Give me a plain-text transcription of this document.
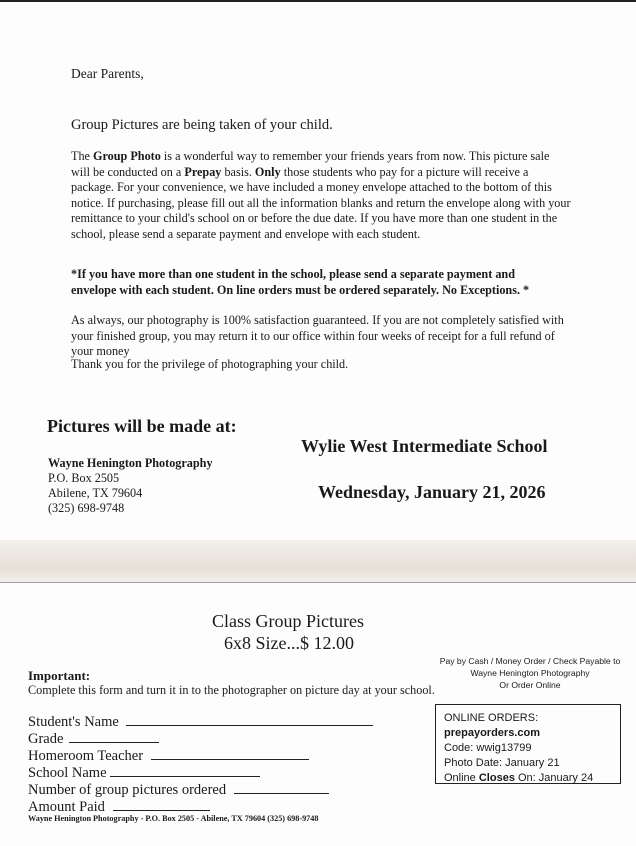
Dear Parents,
Group Pictures are being taken of your child.

The Group Photo is a wonderful way to remember your friends years from now. This picture sale will be conducted on a Prepay basis. Only those students who pay for a picture will receive a package. For your convenience, we have included a money envelope attached to the bottom of this notice. If purchasing, please fill out all the information blanks and return the envelope along with your remittance to your child's school on or before the due date. If you have more than one student in the school, please send a separate payment and envelope with each student.

*If you have more than one student in the school, please send a separate payment and envelope with each student. On line orders must be ordered separately. No Exceptions. *

As always, our photography is 100% satisfaction guaranteed. If you are not completely satisfied with your finished group, you may return it to our office within four weeks of receipt for a full refund of your money

Thank you for the privilege of photographing your child.
Pictures will be made at:
Wayne Henington Photography
P.O. Box 2505
Abilene, TX 79604
(325) 698-9748
Wylie West Intermediate School
Wednesday, January 21, 2026
Class Group Pictures
6x8 Size...$ 12.00
Pay by Cash / Money Order / Check Payable to
Wayne Henington Photography
Or Order Online
Important:
Complete this form and turn it in to the photographer on picture day at your school.
Student's Name
Grade
Homeroom Teacher
School Name
Number of group pictures ordered
Amount Paid
Wayne Henington Photography - P.O. Box 2505 - Abilene, TX 79604 (325) 698-9748
ONLINE ORDERS:
prepayorders.com
Code: wwig13799
Photo Date: January 21
Online Closes On: January 24
